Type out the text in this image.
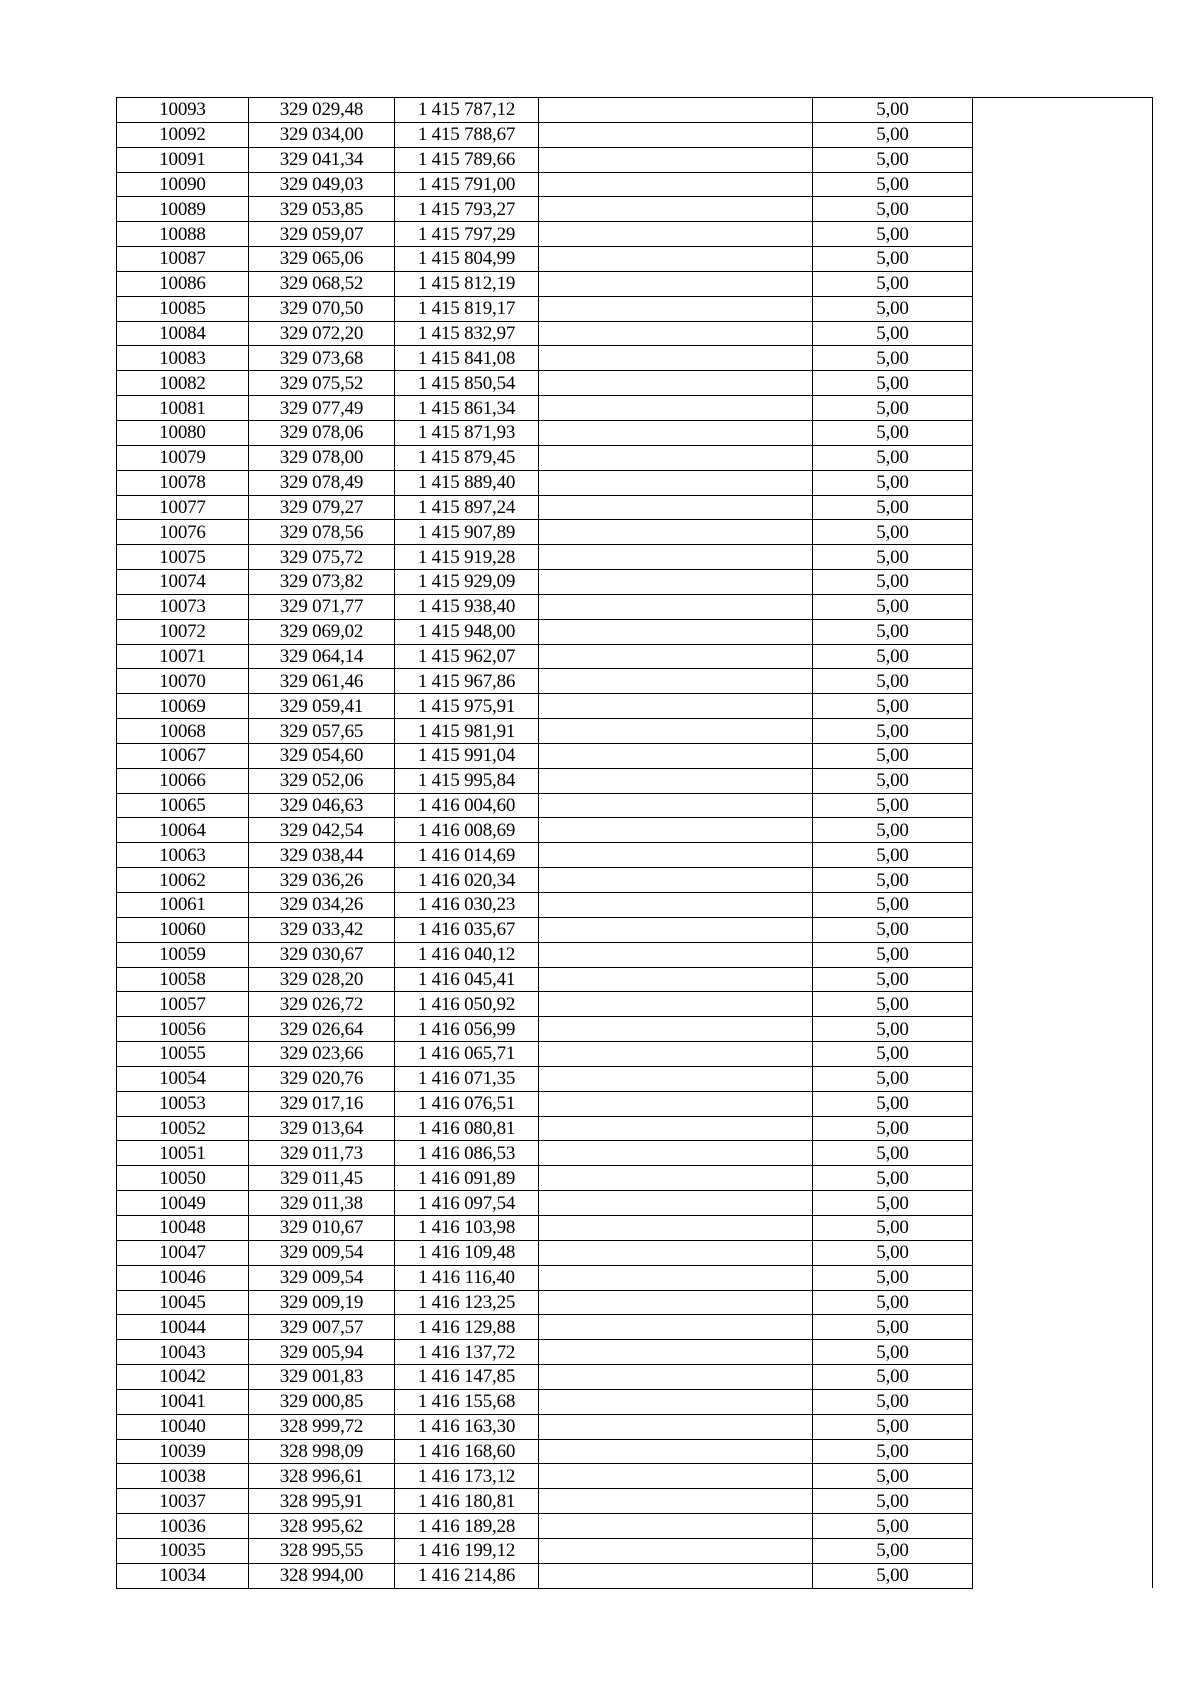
10093	329 029,48	1 415 787,12		5,00	
10092	329 034,00	1 415 788,67		5,00	
10091	329 041,34	1 415 789,66		5,00	
10090	329 049,03	1 415 791,00		5,00	
10089	329 053,85	1 415 793,27		5,00	
10088	329 059,07	1 415 797,29		5,00	
10087	329 065,06	1 415 804,99		5,00	
10086	329 068,52	1 415 812,19		5,00	
10085	329 070,50	1 415 819,17		5,00	
10084	329 072,20	1 415 832,97		5,00	
10083	329 073,68	1 415 841,08		5,00	
10082	329 075,52	1 415 850,54		5,00	
10081	329 077,49	1 415 861,34		5,00	
10080	329 078,06	1 415 871,93		5,00	
10079	329 078,00	1 415 879,45		5,00	
10078	329 078,49	1 415 889,40		5,00	
10077	329 079,27	1 415 897,24		5,00	
10076	329 078,56	1 415 907,89		5,00	
10075	329 075,72	1 415 919,28		5,00	
10074	329 073,82	1 415 929,09		5,00	
10073	329 071,77	1 415 938,40		5,00	
10072	329 069,02	1 415 948,00		5,00	
10071	329 064,14	1 415 962,07		5,00	
10070	329 061,46	1 415 967,86		5,00	
10069	329 059,41	1 415 975,91		5,00	
10068	329 057,65	1 415 981,91		5,00	
10067	329 054,60	1 415 991,04		5,00	
10066	329 052,06	1 415 995,84		5,00	
10065	329 046,63	1 416 004,60		5,00	
10064	329 042,54	1 416 008,69		5,00	
10063	329 038,44	1 416 014,69		5,00	
10062	329 036,26	1 416 020,34		5,00	
10061	329 034,26	1 416 030,23		5,00	
10060	329 033,42	1 416 035,67		5,00	
10059	329 030,67	1 416 040,12		5,00	
10058	329 028,20	1 416 045,41		5,00	
10057	329 026,72	1 416 050,92		5,00	
10056	329 026,64	1 416 056,99		5,00	
10055	329 023,66	1 416 065,71		5,00	
10054	329 020,76	1 416 071,35		5,00	
10053	329 017,16	1 416 076,51		5,00	
10052	329 013,64	1 416 080,81		5,00	
10051	329 011,73	1 416 086,53		5,00	
10050	329 011,45	1 416 091,89		5,00	
10049	329 011,38	1 416 097,54		5,00	
10048	329 010,67	1 416 103,98		5,00	
10047	329 009,54	1 416 109,48		5,00	
10046	329 009,54	1 416 116,40		5,00	
10045	329 009,19	1 416 123,25		5,00	
10044	329 007,57	1 416 129,88		5,00	
10043	329 005,94	1 416 137,72		5,00	
10042	329 001,83	1 416 147,85		5,00	
10041	329 000,85	1 416 155,68		5,00	
10040	328 999,72	1 416 163,30		5,00	
10039	328 998,09	1 416 168,60		5,00	
10038	328 996,61	1 416 173,12		5,00	
10037	328 995,91	1 416 180,81		5,00	
10036	328 995,62	1 416 189,28		5,00	
10035	328 995,55	1 416 199,12		5,00	
10034	328 994,00	1 416 214,86		5,00	
